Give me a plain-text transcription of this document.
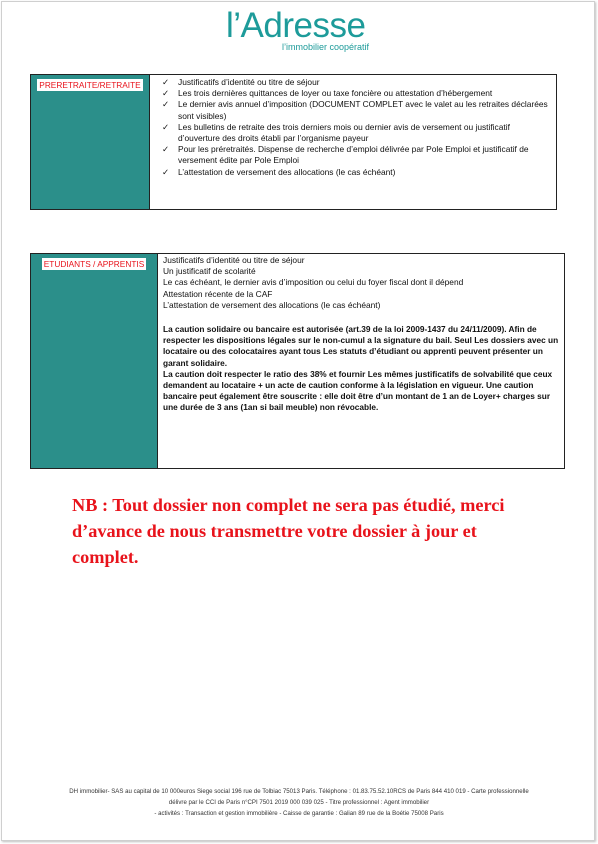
l’Adresse
l’immobilier coopératif
PRERETRAITE/RETRAITE	✓ Justificatifs d’identité ou titre de séjour
✓ Les trois dernières quittances de loyer ou taxe foncière ou attestation d’hébergement
✓ Le dernier avis annuel d’imposition (DOCUMENT COMPLET avec le valet au les retraites déclarées sont visibles)
✓ Les bulletins de retraite des trois derniers mois ou dernier avis de versement ou justificatif d’ouverture des droits établi par l’organisme payeur
✓ Pour les préretraités. Dispense de recherche d’emploi délivrée par Pole Emploi et justificatif de versement édite par Pole Emploi
✓ L’attestation de versement des allocations (le cas échéant)
ETUDIANTS / APPRENTIS	Justificatifs d’identité ou titre de séjour
Un justificatif de scolarité
Le cas échéant, le dernier avis d’imposition ou celui du foyer fiscal dont il dépend
Attestation récente de la CAF
L’attestation de versement des allocations (le cas échéant)

La caution solidaire ou bancaire est autorisée (art.39 de la loi 2009-1437 du 24/11/2009). Afin de respecter les dispositions légales sur le non-cumul a la signature du bail. Seul Les dossiers avec un locataire ou des colocataires ayant tous Les statuts d’étudiant ou apprenti peuvent présenter un garant solidaire.

La caution doit respecter le ratio des 38% et fournir Les mêmes justificatifs de solvabilité que ceux demandent au locataire + un acte de caution conforme à la législation en vigueur. Une caution bancaire peut également être souscrite : elle doit être d’un montant de 1 an de Loyer+ charges sur une durée de 3 ans (1an si bail meuble) non révocable.

NB : Tout dossier non complet ne sera pas étudié, merci d’avance de nous transmettre votre dossier à jour et complet.
DH immobilier- SAS au capital de 10 000euros Siege social 196 rue de Tolbiac 75013 Paris. Téléphone : 01.83.75.52.10RCS de Paris 844 410 019 - Carte professionnelle
délivre par le CCI de Paris n°CPI 7501 2019 000 039 025 - Titre professionnel : Agent immobilier
- activités : Transaction et gestion immobilière - Caisse de garantie : Galian 89 rue de la Boétie 75008 Paris
